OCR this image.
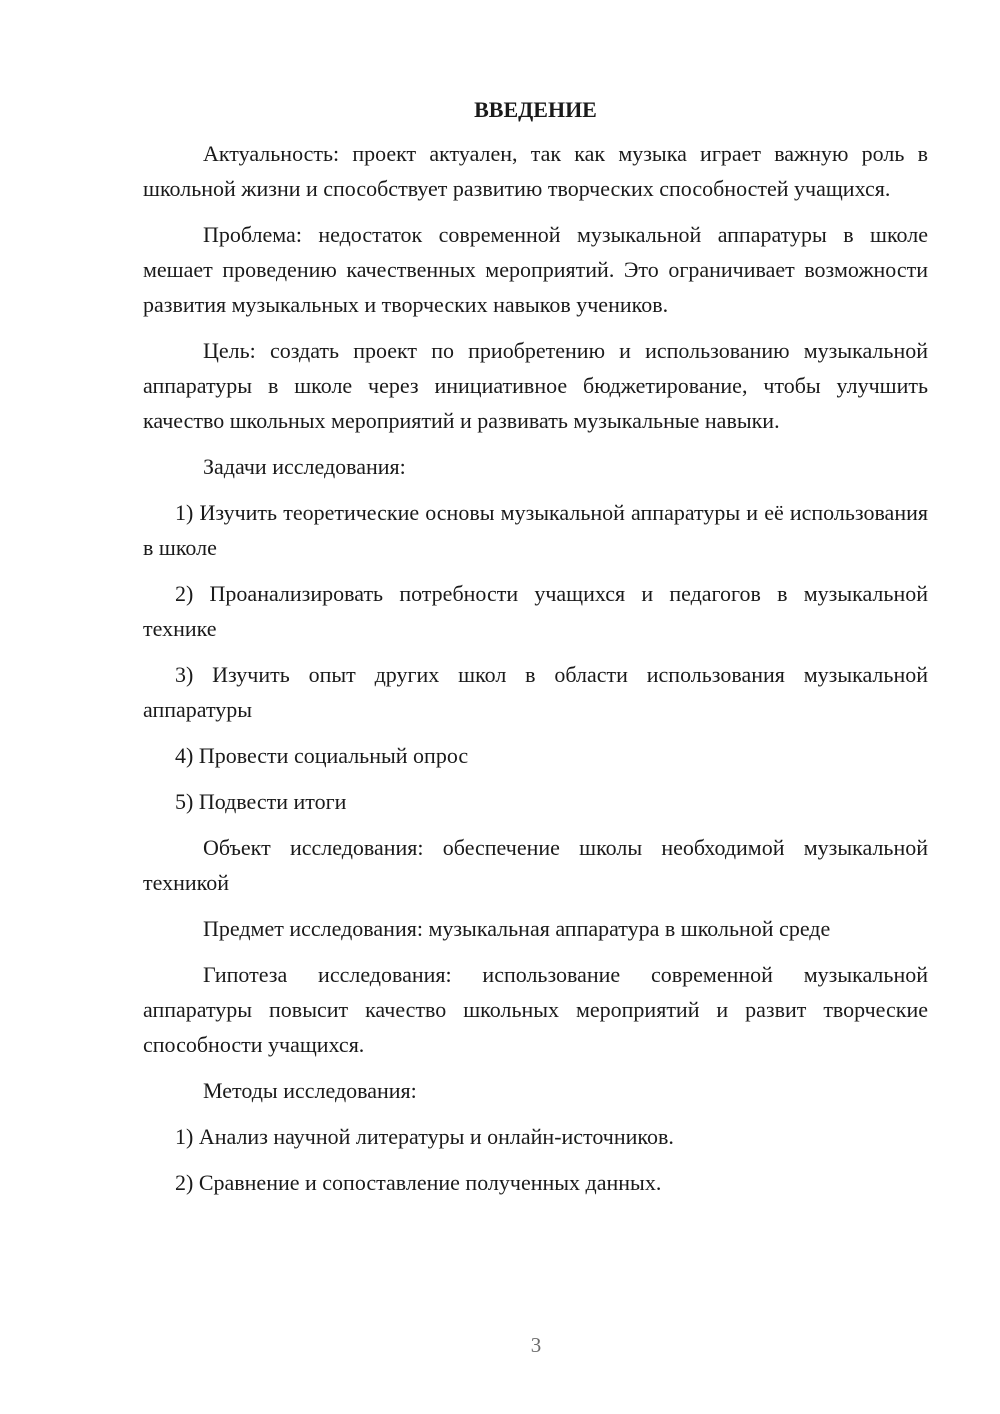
ВВЕДЕНИЕ

Актуальность: проект актуален, так как музыка играет важную роль в школьной жизни и способствует развитию творческих способностей учащихся.

Проблема: недостаток современной музыкальной аппаратуры в школе мешает проведению качественных мероприятий. Это ограничивает возможности развития музыкальных и творческих навыков учеников.

Цель: создать проект по приобретению и использованию музыкальной аппаратуры в школе через инициативное бюджетирование, чтобы улучшить качество школьных мероприятий и развивать музыкальные навыки.

Задачи исследования:

1) Изучить теоретические основы музыкальной аппаратуры и её использования в школе

2) Проанализировать потребности учащихся и педагогов в музыкальной технике

3) Изучить опыт других школ в области использования музыкальной аппаратуры

4) Провести социальный опрос

5) Подвести итоги

Объект исследования: обеспечение школы необходимой музыкальной техникой

Предмет исследования: музыкальная аппаратура в школьной среде

Гипотеза исследования: использование современной музыкальной аппаратуры повысит качество школьных мероприятий и развит творческие способности учащихся.

Методы исследования:

1) Анализ научной литературы и онлайн-источников.

2) Сравнение и сопоставление полученных данных.

3
